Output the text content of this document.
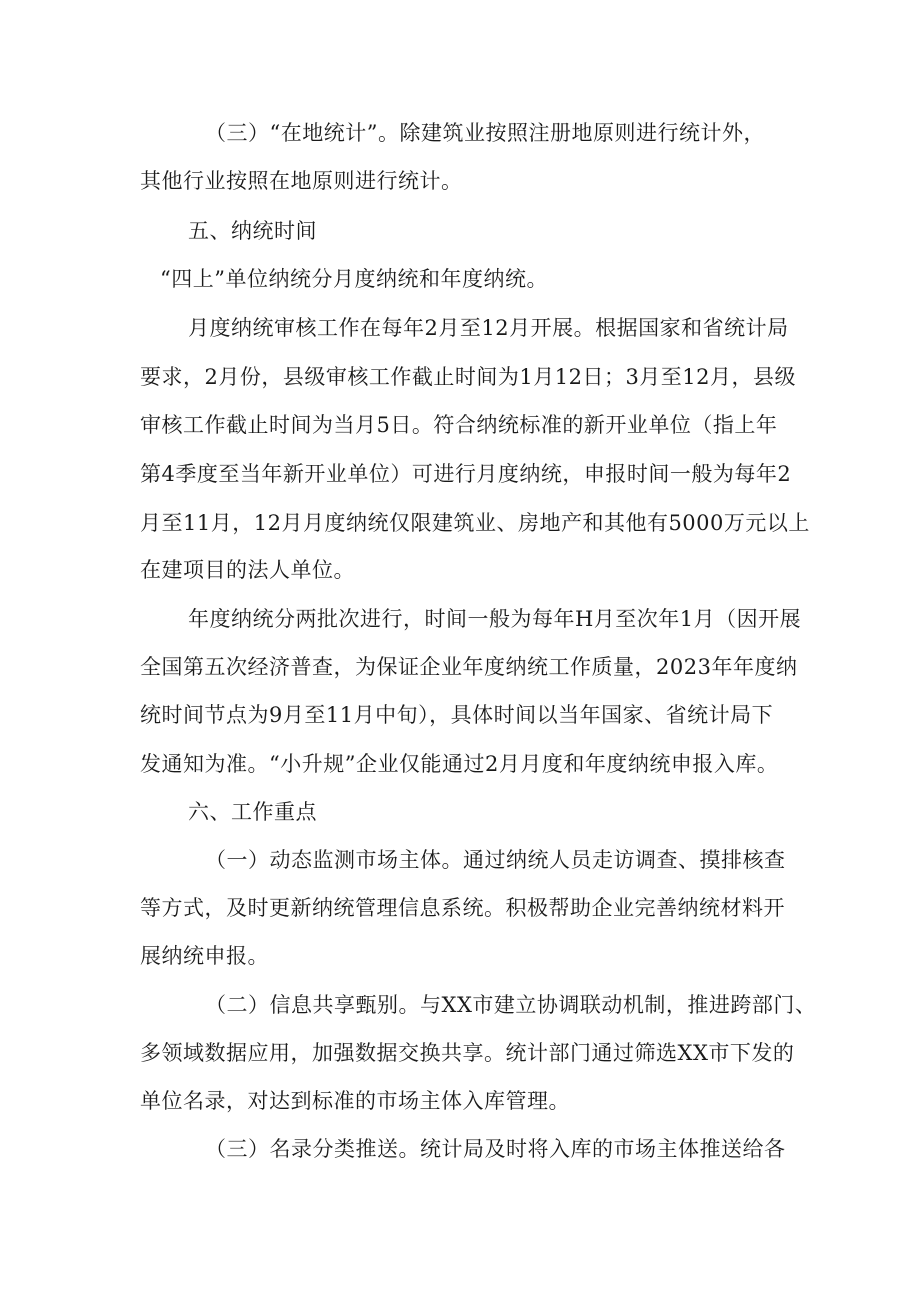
（三）“在地统计”。除建筑业按照注册地原则进行统计外，
其他行业按照在地原则进行统计。
五、纳统时间
“四上”单位纳统分月度纳统和年度纳统。
月度纳统审核工作在每年2月至12月开展。根据国家和省统计局
要求，2月份，县级审核工作截止时间为1月12日；3月至12月，县级
审核工作截止时间为当月5日。符合纳统标准的新开业单位（指上年
第4季度至当年新开业单位）可进行月度纳统，申报时间一般为每年2
月至11月，12月月度纳统仅限建筑业、房地产和其他有5000万元以上
在建项目的法人单位。
年度纳统分两批次进行，时间一般为每年H月至次年1月（因开展
全国第五次经济普查，为保证企业年度纳统工作质量，2023年年度纳
统时间节点为9月至11月中旬），具体时间以当年国家、省统计局下
发通知为准。“小升规”企业仅能通过2月月度和年度纳统申报入库。
六、工作重点
（一）动态监测市场主体。通过纳统人员走访调查、摸排核查
等方式，及时更新纳统管理信息系统。积极帮助企业完善纳统材料开
展纳统申报。
（二）信息共享甄别。与XX市建立协调联动机制，推进跨部门、
多领域数据应用，加强数据交换共享。统计部门通过筛选XX市下发的
单位名录，对达到标准的市场主体入库管理。
（三）名录分类推送。统计局及时将入库的市场主体推送给各
